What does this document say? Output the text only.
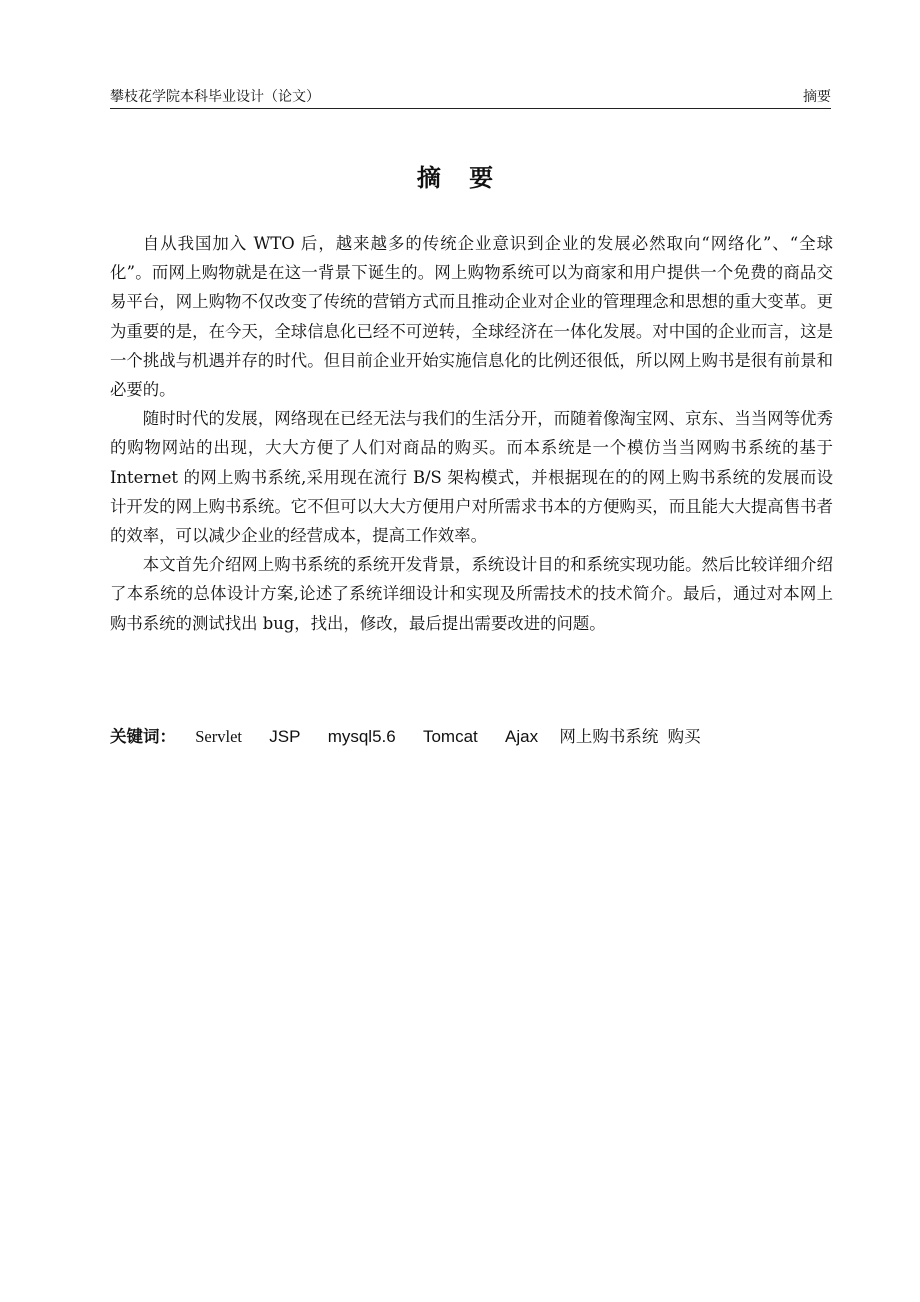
攀枝花学院本科毕业设计（论文）	摘要
摘 要

自从我国加入 WTO 后，越来越多的传统企业意识到企业的发展必然取向“网络化”、“全球化”。而网上购物就是在这一背景下诞生的。网上购物系统可以为商家和用户提供一个免费的商品交易平台，网上购物不仅改变了传统的营销方式而且推动企业对企业的管理理念和思想的重大变革。更为重要的是，在今天，全球信息化已经不可逆转，全球经济在一体化发展。对中国的企业而言，这是一个挑战与机遇并存的时代。但目前企业开始实施信息化的比例还很低，所以网上购书是很有前景和必要的。

随时时代的发展，网络现在已经无法与我们的生活分开，而随着像淘宝网、京东、当当网等优秀的购物网站的出现，大大方便了人们对商品的购买。而本系统是一个模仿当当网购书系统的基于 Internet 的网上购书系统,采用现在流行 B/S 架构模式，并根据现在的的网上购书系统的发展而设计开发的网上购书系统。它不但可以大大方便用户对所需求书本的方便购买，而且能大大提高售书者的效率，可以减少企业的经营成本，提高工作效率。

本文首先介绍网上购书系统的系统开发背景，系统设计目的和系统实现功能。然后比较详细介绍了本系统的总体设计方案,论述了系统详细设计和实现及所需技术的技术简介。最后，通过对本网上购书系统的测试找出 bug，找出，修改，最后提出需要改进的问题。

关键词： Servlet JSP mysql5.6 Tomcat Ajax 网上购书系统 购买
